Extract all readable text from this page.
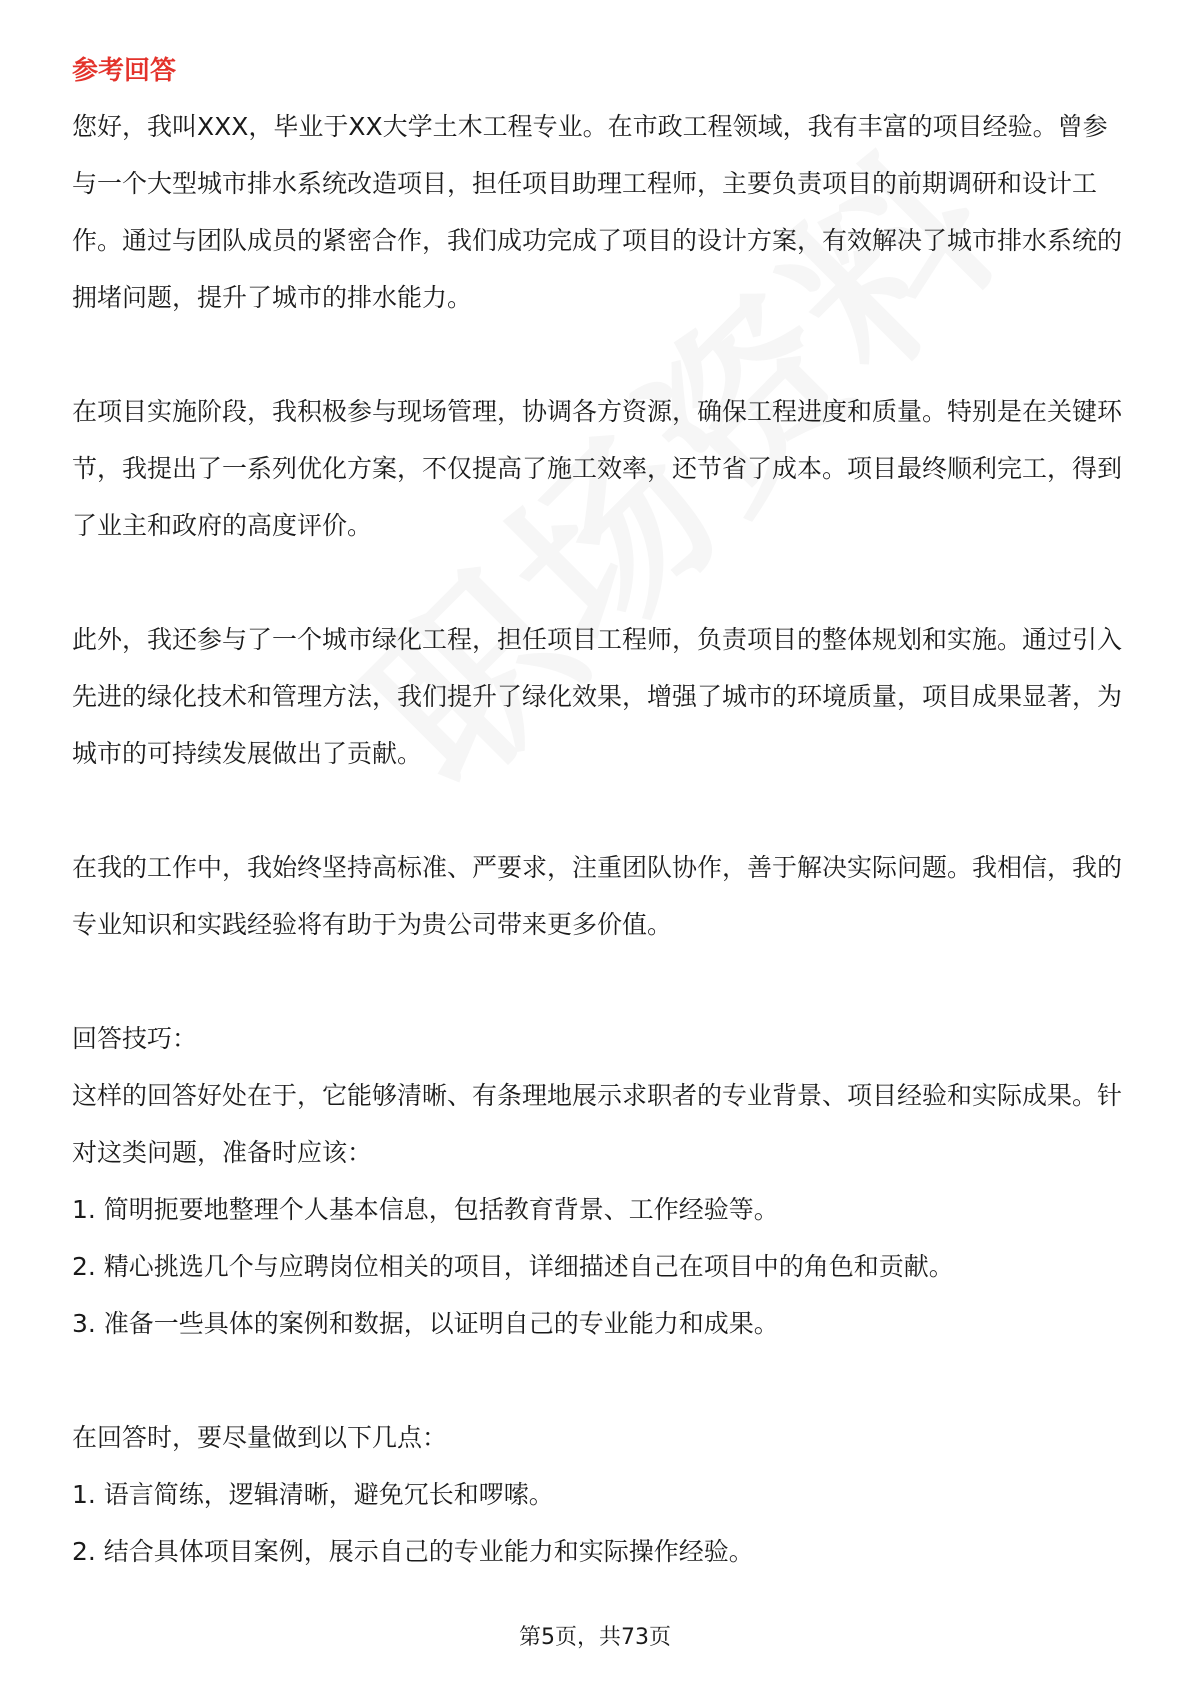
参考回答

您好，我叫XXX，毕业于XX大学土木工程专业。在市政工程领域，我有丰富的项目经验。曾参与一个大型城市排水系统改造项目，担任项目助理工程师，主要负责项目的前期调研和设计工作。通过与团队成员的紧密合作，我们成功完成了项目的设计方案，有效解决了城市排水系统的拥堵问题，提升了城市的排水能力。

在项目实施阶段，我积极参与现场管理，协调各方资源，确保工程进度和质量。特别是在关键环节，我提出了一系列优化方案，不仅提高了施工效率，还节省了成本。项目最终顺利完工，得到了业主和政府的高度评价。

此外，我还参与了一个城市绿化工程，担任项目工程师，负责项目的整体规划和实施。通过引入先进的绿化技术和管理方法，我们提升了绿化效果，增强了城市的环境质量，项目成果显著，为城市的可持续发展做出了贡献。

在我的工作中，我始终坚持高标准、严要求，注重团队协作，善于解决实际问题。我相信，我的专业知识和实践经验将有助于为贵公司带来更多价值。

回答技巧：

这样的回答好处在于，它能够清晰、有条理地展示求职者的专业背景、项目经验和实际成果。针对这类问题，准备时应该：

1. 简明扼要地整理个人基本信息，包括教育背景、工作经验等。

2. 精心挑选几个与应聘岗位相关的项目，详细描述自己在项目中的角色和贡献。

3. 准备一些具体的案例和数据，以证明自己的专业能力和成果。

在回答时，要尽量做到以下几点：

1. 语言简练，逻辑清晰，避免冗长和啰嗦。

2. 结合具体项目案例，展示自己的专业能力和实际操作经验。

第5页，共73页
